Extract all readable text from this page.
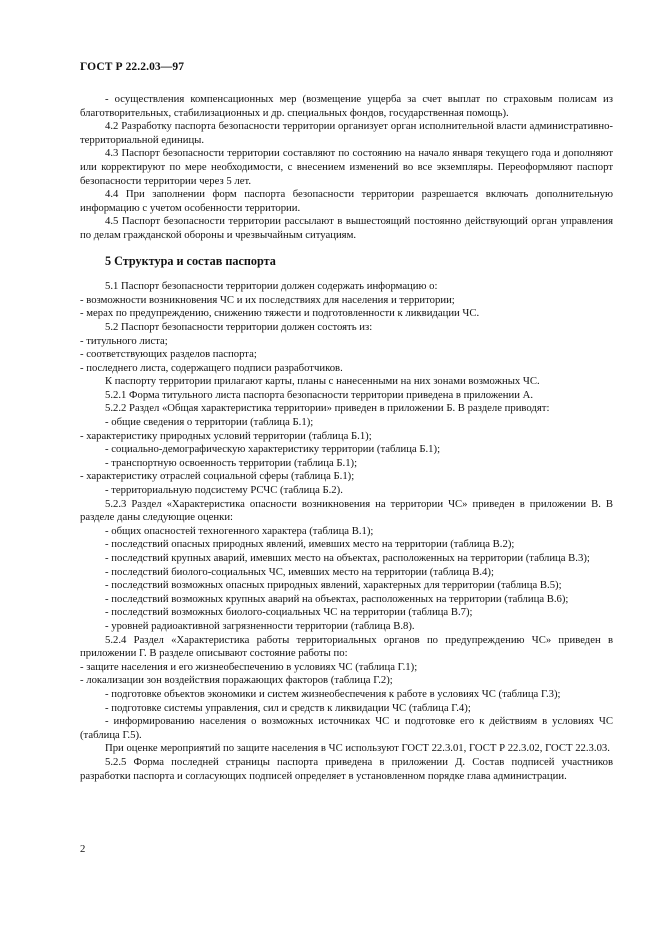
ГОСТ Р 22.2.03—97

- осуществления компенсационных мер (возмещение ущерба за счет выплат по страховым полисам из благотворительных, стабилизационных и др. специальных фондов, государственная помощь).

4.2 Разработку паспорта безопасности территории организует орган исполнительной власти административно-территориальной единицы.

4.3 Паспорт безопасности территории составляют по состоянию на начало января текущего года и дополняют или корректируют по мере необходимости, с внесением изменений во все экземпляры. Переоформляют паспорт безопасности территории через 5 лет.

4.4 При заполнении форм паспорта безопасности территории разрешается включать дополнительную информацию с учетом особенности территории.

4.5 Паспорт безопасности территории рассылают в вышестоящий постоянно действующий орган управления по делам гражданской обороны и чрезвычайным ситуациям.

5 Структура и состав паспорта

5.1 Паспорт безопасности территории должен содержать информацию о:

- возможности возникновения ЧС и их последствиях для населения и территории;

- мерах по предупреждению, снижению тяжести и подготовленности к ликвидации ЧС.

5.2 Паспорт безопасности территории должен состоять из:

- титульного листа;

- соответствующих разделов паспорта;

- последнего листа, содержащего подписи разработчиков.

К паспорту территории прилагают карты, планы с нанесенными на них зонами возможных ЧС.

5.2.1 Форма титульного листа паспорта безопасности территории приведена в приложении А.

5.2.2 Раздел «Общая характеристика территории» приведен в приложении Б. В разделе приводят:

- общие сведения о территории (таблица Б.1);

- характеристику природных условий территории (таблица Б.1);

- социально-демографическую характеристику территории (таблица Б.1);

- транспортную освоенность территории (таблица Б.1);

- характеристику отраслей социальной сферы (таблица Б.1);

- территориальную подсистему РСЧС (таблица Б.2).

5.2.3 Раздел «Характеристика опасности возникновения на территории ЧС» приведен в приложении В. В разделе даны следующие оценки:

- общих опасностей техногенного характера (таблица В.1);

- последствий опасных природных явлений, имевших место на территории (таблица В.2);

- последствий крупных аварий, имевших место на объектах, расположенных на территории (таблица В.3);

- последствий биолого-социальных ЧС, имевших место на территории (таблица В.4);

- последствий возможных опасных природных явлений, характерных для территории (таблица В.5);

- последствий возможных крупных аварий на объектах, расположенных на территории (таблица В.6);

- последствий возможных биолого-социальных ЧС на территории (таблица В.7);

- уровней радиоактивной загрязненности территории (таблица В.8).

5.2.4 Раздел «Характеристика работы территориальных органов по предупреждению ЧС» приведен в приложении Г. В разделе описывают состояние работы по:

- защите населения и его жизнеобеспечению в условиях ЧС (таблица Г.1);

- локализации зон воздействия поражающих факторов (таблица Г.2);

- подготовке объектов экономики и систем жизнеобеспечения к работе в условиях ЧС (таблица Г.3);

- подготовке системы управления, сил и средств к ликвидации ЧС (таблица Г.4);

- информированию населения о возможных источниках ЧС и подготовке его к действиям в условиях ЧС (таблица Г.5).

При оценке мероприятий по защите населения в ЧС используют ГОСТ 22.3.01, ГОСТ Р 22.3.02, ГОСТ 22.3.03.

5.2.5 Форма последней страницы паспорта приведена в приложении Д. Состав подписей участников разработки паспорта и согласующих подписей определяет в установленном порядке глава администрации.

2
